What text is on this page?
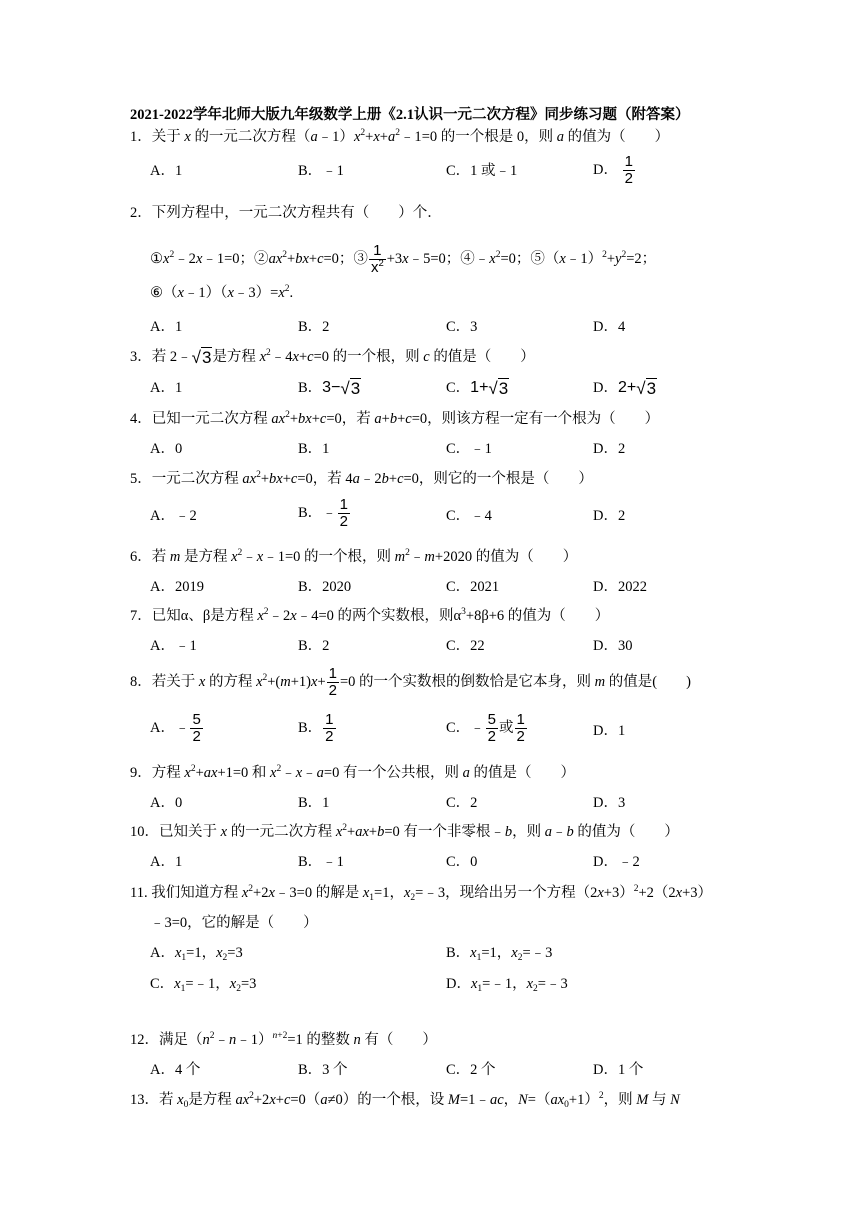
2021-2022学年北师大版九年级数学上册《2.1认识一元二次方程》同步练习题（附答案）
1．关于 x 的一元二次方程$(a﹣1)x^2+x+a^2﹣1=0$ 的一个根是 0，则 a 的值为（　　）
A．1	B．﹣1	C．1 或﹣1	D． $\frac{1}{2}$
2．下列方程中，一元二次方程共有（　　）个．
$①x^2﹣2x﹣1=0$；$②ax^2+bx+c=0$；③ $\frac{1}{x^2}$ +3x﹣5=0；$④﹣x^2=0$；$⑤(x﹣1)^2+y^2=2$；
$⑥(x﹣1)(x﹣3)=x^2$.
A．1	B．2	C．3	D．4
3．若 2﹣√3是方程 $x^2﹣4x+c=0$ 的一个根，则 c 的值是（　　）
A．1	B．3−√3	C．1+√3	D．2+√3
4．已知一元二次方程 $ax^2+bx+c=0$，若 a+b+c=0，则该方程一定有一个根为（　　）
A．0	B．1	C．﹣1	D．2
5．一元二次方程 $ax^2+bx+c=0$，若 4a﹣2b+c=0，则它的一个根是（　　）
A．﹣2	B．﹣ $\frac{1}{2}$	C．﹣4	D．2
6．若 m 是方程 $x^2﹣x﹣1=0$ 的一个根，则 $m^2﹣m+2020$ 的值为（　　）
A．2019	B．2020	C．2021	D．2022
7．已知α、β是方程 $x^2﹣2x﹣4=0$ 的两个实数根，则$\alpha^3+8\beta+6$ 的值为（　　）
A．﹣1	B．2	C．22	D．30
8．若关于 x 的方程 $x^2+(m+1)x+ \frac{1}{2} =0$ 的一个实数根的倒数恰是它本身，则 m 的值是(　　)
A．﹣ $\frac{5}{2}$	B． $\frac{1}{2}$	C．﹣ $\frac{5}{2}$ 或 $\frac{1}{2}$	D．1
9．方程 $x^2+ax+1=0$ 和 $x^2﹣x﹣a=0$ 有一个公共根，则 a 的值是（　　）
A．0	B．1	C．2	D．3
10．已知关于 x 的一元二次方程 $x^2+ax+b=0$ 有一个非零根﹣b，则 a﹣b 的值为（　　）
A．1	B．﹣1	C．0	D．﹣2
11. 我们知道方程 $x^2+2x﹣3=0$ 的解是 $x_1=1$，$x_2=﹣3$，现给出另一个方程$(2x+3)^2+2(2x+3)$
﹣3=0，它的解是（　　）
A．$x_1=1$，$x_2=3$	B．$x_1=1$，$x_2=﹣3$
C．$x_1=﹣1$，$x_2=3$	D．$x_1=﹣1$，$x_2=﹣3$
12．满足$(n^2﹣n﹣1)^{n+2}=1$ 的整数 n 有（　　）
A．4 个	B．3 个	C．2 个	D．1 个
13．若 $x_0$是方程 $ax^2+2x+c=0(a\ne 0)$的一个根，设 M=1﹣ac，$N=(ax_0+1)^2$，则 M 与 N
